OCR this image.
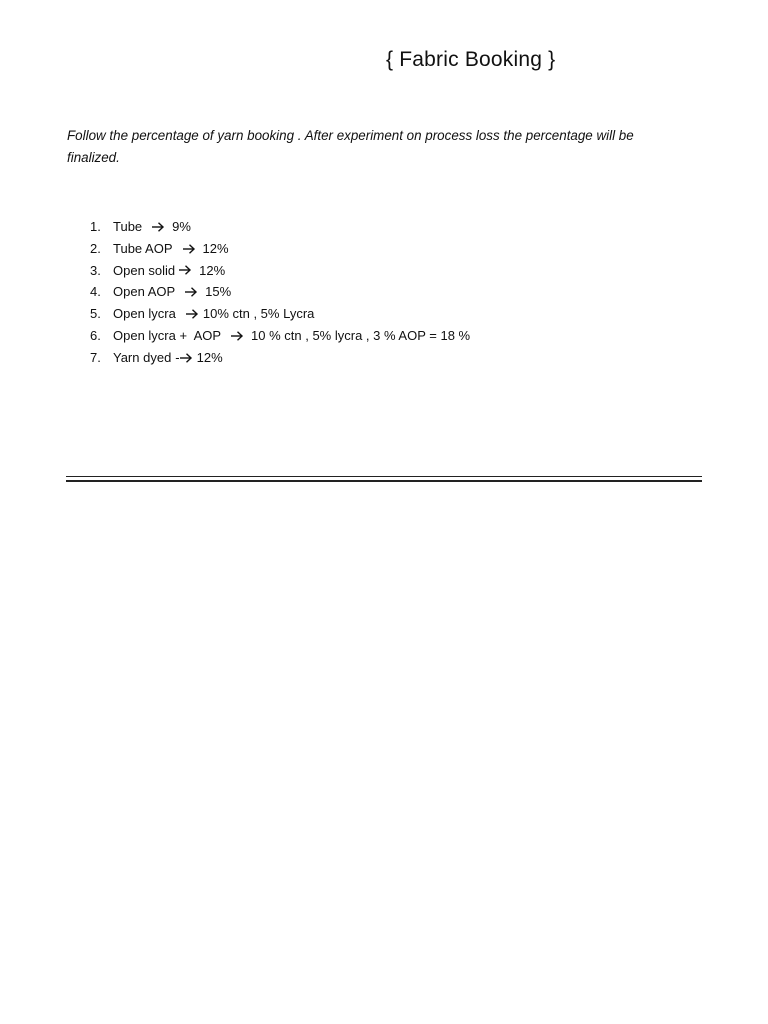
{ Fabric Booking }
Follow the percentage of yarn booking . After experiment on process loss the percentage will be finalized.
1. Tube 9%
2. Tube AOP 12%
3. Open solid 12%
4. Open AOP 15%
5. Open lycra 10% ctn , 5% Lycra
6. Open lycra +  AOP 10 % ctn , 5% lycra , 3 % AOP = 18 %
7. Yarn dyed - 12%
